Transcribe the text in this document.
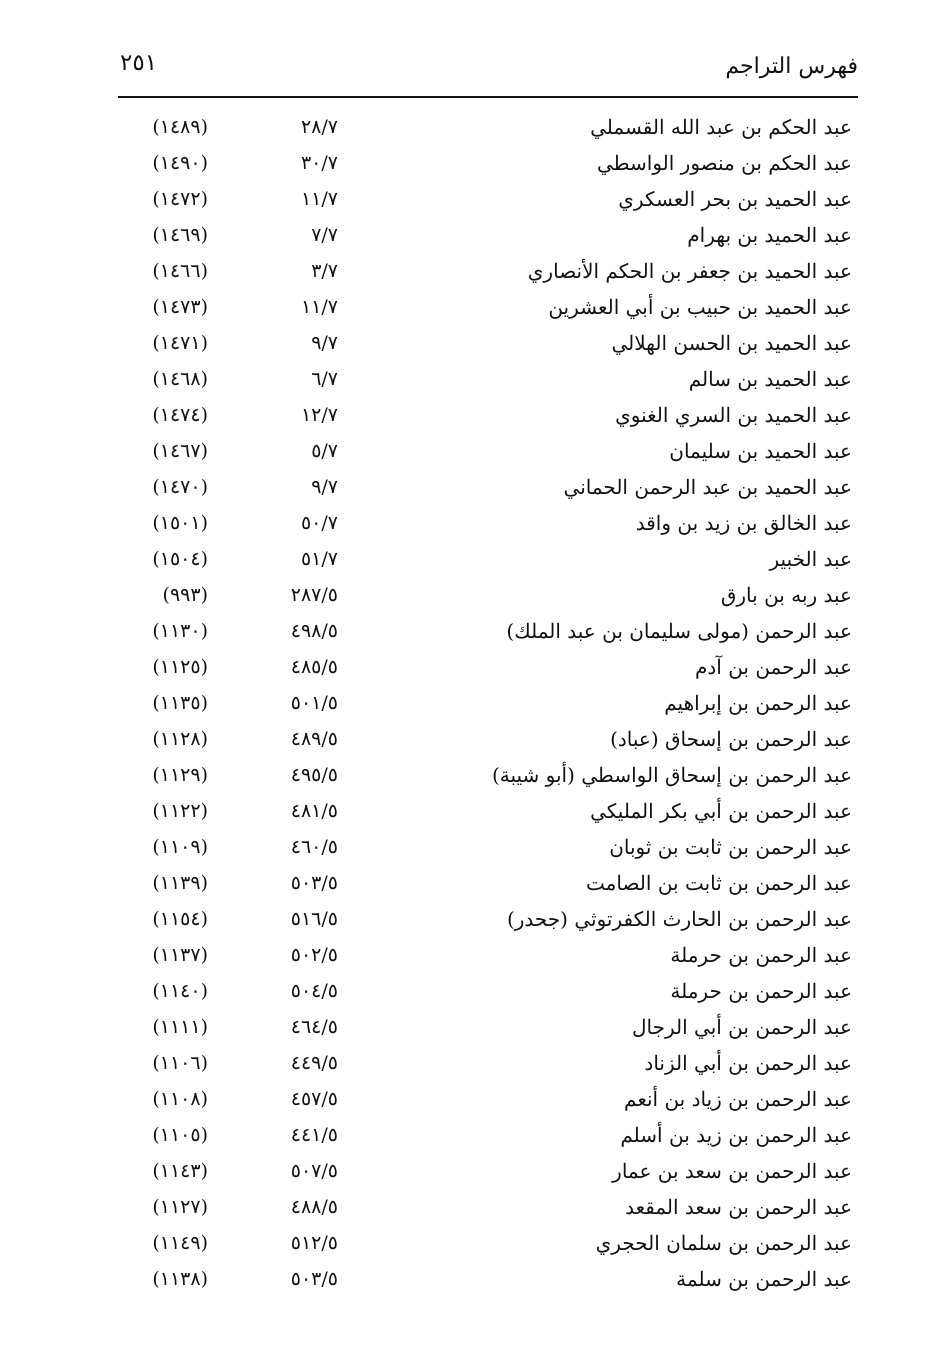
فهرس التراجم
٢٥١
عبد الحكم بن عبد الله القسملي
٢٨/٧
(١٤٨٩)
عبد الحكم بن منصور الواسطي
٣٠/٧
(١٤٩٠)
عبد الحميد بن بحر العسكري
١١/٧
(١٤٧٢)
عبد الحميد بن بهرام
٧/٧
(١٤٦٩)
عبد الحميد بن جعفر بن الحكم الأنصاري
٣/٧
(١٤٦٦)
عبد الحميد بن حبيب بن أبي العشرين
١١/٧
(١٤٧٣)
عبد الحميد بن الحسن الهلالي
٩/٧
(١٤٧١)
عبد الحميد بن سالم
٦/٧
(١٤٦٨)
عبد الحميد بن السري الغنوي
١٢/٧
(١٤٧٤)
عبد الحميد بن سليمان
٥/٧
(١٤٦٧)
عبد الحميد بن عبد الرحمن الحماني
٩/٧
(١٤٧٠)
عبد الخالق بن زيد بن واقد
٥٠/٧
(١٥٠١)
عبد الخبير
٥١/٧
(١٥٠٤)
عبد ربه بن بارق
٢٨٧/٥
(٩٩٣)
عبد الرحمن (مولى سليمان بن عبد الملك)
٤٩٨/٥
(١١٣٠)
عبد الرحمن بن آدم
٤٨٥/٥
(١١٢٥)
عبد الرحمن بن إبراهيم
٥٠١/٥
(١١٣٥)
عبد الرحمن بن إسحاق (عباد)
٤٨٩/٥
(١١٢٨)
عبد الرحمن بن إسحاق الواسطي (أبو شيبة)
٤٩٥/٥
(١١٢٩)
عبد الرحمن بن أبي بكر المليكي
٤٨١/٥
(١١٢٢)
عبد الرحمن بن ثابت بن ثوبان
٤٦٠/٥
(١١٠٩)
عبد الرحمن بن ثابت بن الصامت
٥٠٣/٥
(١١٣٩)
عبد الرحمن بن الحارث الكفرتوثي (جحدر)
٥١٦/٥
(١١٥٤)
عبد الرحمن بن حرملة
٥٠٢/٥
(١١٣٧)
عبد الرحمن بن حرملة
٥٠٤/٥
(١١٤٠)
عبد الرحمن بن أبي الرجال
٤٦٤/٥
(١١١١)
عبد الرحمن بن أبي الزناد
٤٤٩/٥
(١١٠٦)
عبد الرحمن بن زياد بن أنعم
٤٥٧/٥
(١١٠٨)
عبد الرحمن بن زيد بن أسلم
٤٤١/٥
(١١٠٥)
عبد الرحمن بن سعد بن عمار
٥٠٧/٥
(١١٤٣)
عبد الرحمن بن سعد المقعد
٤٨٨/٥
(١١٢٧)
عبد الرحمن بن سلمان الحجري
٥١٢/٥
(١١٤٩)
عبد الرحمن بن سلمة
٥٠٣/٥
(١١٣٨)
